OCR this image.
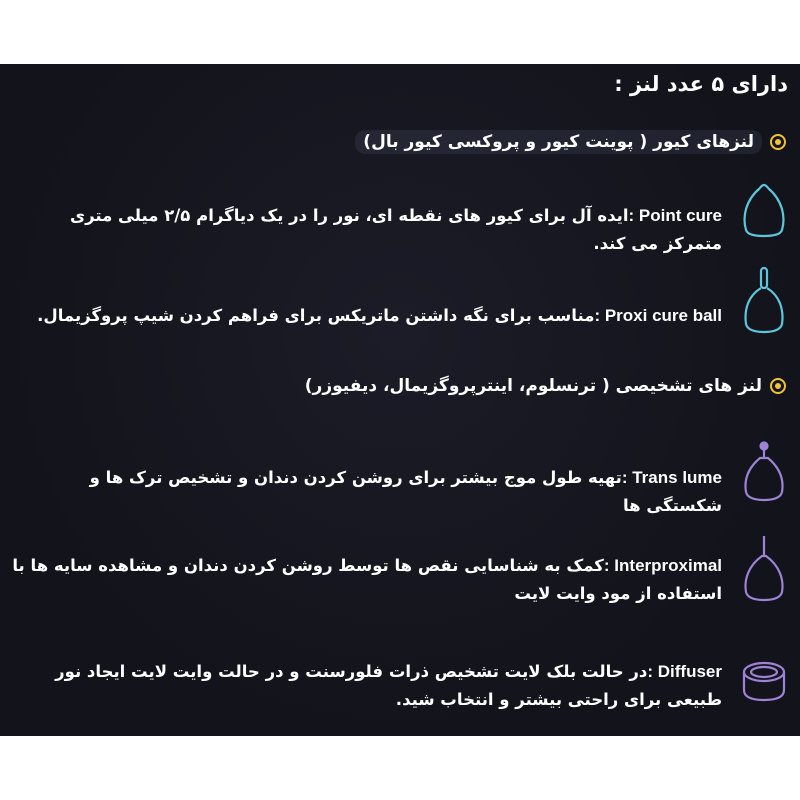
دارای ۵ عدد لنز :
لنزهای کیور ( پوینت کیور و پروکسی کیور بال)
Point cure: ایده آل برای کیور های نقطه ای، نور را در یک دیاگرام ۲/۵ میلی متری متمرکز می کند.
Proxi cure ball: مناسب برای نگه داشتن ماتریکس برای فراهم کردن شیپ پروگزیمال.
لنز های تشخیصی ( ترنسلوم، اینترپروگزیمال، دیفیوزر)
Trans lume: تهیه طول موج بیشتر برای روشن کردن دندان و تشخیص ترک ها و شکستگی ها
Interproximal: کمک به شناسایی نقص ها توسط روشن کردن دندان و مشاهده سایه ها با استفاده از مود وایت لایت
Diffuser: در حالت بلک لایت تشخیص ذرات فلورسنت و در حالت وایت لایت ایجاد نور طبیعی برای راحتی بیشتر و انتخاب شید.
